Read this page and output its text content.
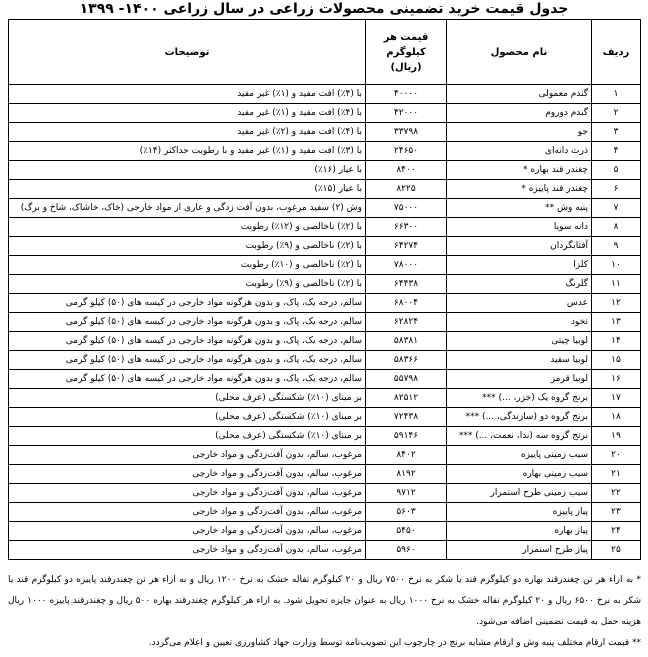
جدول قیمت خرید تضمینی محصولات زراعی در سال زراعی ۱۴۰۰- ۱۳۹۹
ردیف	نام محصول	قیمت هر کیلوگرم (ریال)	توضیحات
۱	گندم معمولی	۴۰۰۰۰	با (۴٪) افت مفید و (۱٪) غیر مفید
۲	گندم دوروم	۴۲۰۰۰	با (۴٪) افت مفید و (۱٪) غیر مفید
۳	جو	۳۳۷۹۸	با (۴٪) افت مفید و (۲٪) غیر مفید
۴	ذرت دانه‌ای	۲۴۶۵۰	با (۳٪) افت مفید و (۱٪) غیر مفید و با رطوبت حداکثر (۱۴٪)
۵	چغندر قند بهاره *	۸۴۰۰	با عیار (۱۶٪)
۶	چغندر قند پاییزه *	۸۲۲۵	با عیار (۱۵٪)
۷	پنبه وش **	۷۵۰۰۰	وش (۲) سفید مرغوب، بدون آفت زدگی و عاری از مواد خارجی (خاک، خاشاک، شاخ و برگ)
۸	دانه سویا	۶۶۳۰۰	با (۲٪) ناخالصی و (۱۲٪) رطوبت
۹	آفتابگردان	۶۴۲۷۴	با (۲٪) ناخالصی و (۹٪) رطوبت
۱۰	کلزا	۷۸۰۰۰	با (۲٪) ناخالصی و (۱۰٪) رطوبت
۱۱	گلرنگ	۶۴۴۳۸	با (۲٪) ناخالصی و (۹٪) رطوبت
۱۲	عدس	۶۸۰۰۴	سالم، درجه یک، پاک، و بدون هرگونه مواد خارجی در کیسه های (۵۰) کیلو گرمی
۱۳	نخود	۶۲۸۲۴	سالم، درجه یک، پاک، و بدون هرگونه مواد خارجی در کیسه های (۵۰) کیلو گرمی
۱۴	لوبیا چیتی	۵۸۳۸۱	سالم، درجه یک، پاک، و بدون هرگونه مواد خارجی در کیسه های (۵۰) کیلو گرمی
۱۵	لوبیا سفید	۵۸۳۶۶	سالم، درجه یک، پاک، و بدون هرگونه مواد خارجی در کیسه های (۵۰) کیلو گرمی
۱۶	لوبیا قرمز	۵۵۷۹۸	سالم، درجه یک، پاک، و بدون هرگونه مواد خارجی در کیسه های (۵۰) کیلو گرمی
۱۷	برنج گروه یک (خزر، ...) ***	۸۲۵۱۲	بر مبنای (۱۰٪) شکستگی (عرف محلی)
۱۸	برنج گروه دو (سازندگی، ...) ***	۷۲۴۳۸	بر مبنای (۱۰٪) شکستگی (عرف محلی)
۱۹	برنج گروه سه (ندا، نعمت، ...) ***	۵۹۱۴۶	بر مبنای (۱۰٪) شکستگی (عرف محلی)
۲۰	سیب زمینی پاییزه	۸۴۰۲	مرغوب، سالم، بدون آفت‌زدگی و مواد خارجی
۲۱	سیب زمینی بهاره	۸۱۹۲	مرغوب، سالم، بدون آفت‌زدگی و مواد خارجی
۲۲	سیب زمینی طرح استمرار	۹۷۱۲	مرغوب، سالم، بدون آفت‌زدگی و مواد خارجی
۲۳	پیاز پاییزه	۵۶۰۳	مرغوب، سالم، بدون آفت‌زدگی و مواد خارجی
۲۴	پیاز بهاره	۵۴۵۰	مرغوب، سالم، بدون آفت‌زدگی و مواد خارجی
۲۵	پیاز طرح استمرار	۵۹۶۰	مرغوب، سالم، بدون آفت‌زدگی و مواد خارجی

* به ازاء هر تن چغندرقند بهاره دو کیلوگرم قند یا شکر به نرخ ۷۵۰۰ ریال و ۲۰ کیلوگرم تفاله خشک به نرخ ۱۲۰۰ ریال و به ازاء هر تن چغندرقند پاییزه دو کیلوگرم قند یا شکر به نرخ ۶۵۰۰ ریال و ۲۰ کیلوگرم تفاله خشک به نرخ ۱۰۰۰ ریال به عنوان جایزه تحویل شود. به ازاء هر کیلوگرم چغندرقند بهاره ۵۰۰ ریال و چغندرقند پاییزه ۱۰۰۰ ریال هزینه حمل به قیمت تضمینی اضافه می‌شود.

** قیمت ارقام مختلف پنبه وش و ارقام مشابه برنج در چارچوب این تصویب‌نامه توسط وزارت جهاد کشاورزی تعیین و اعلام می‌گردد.
